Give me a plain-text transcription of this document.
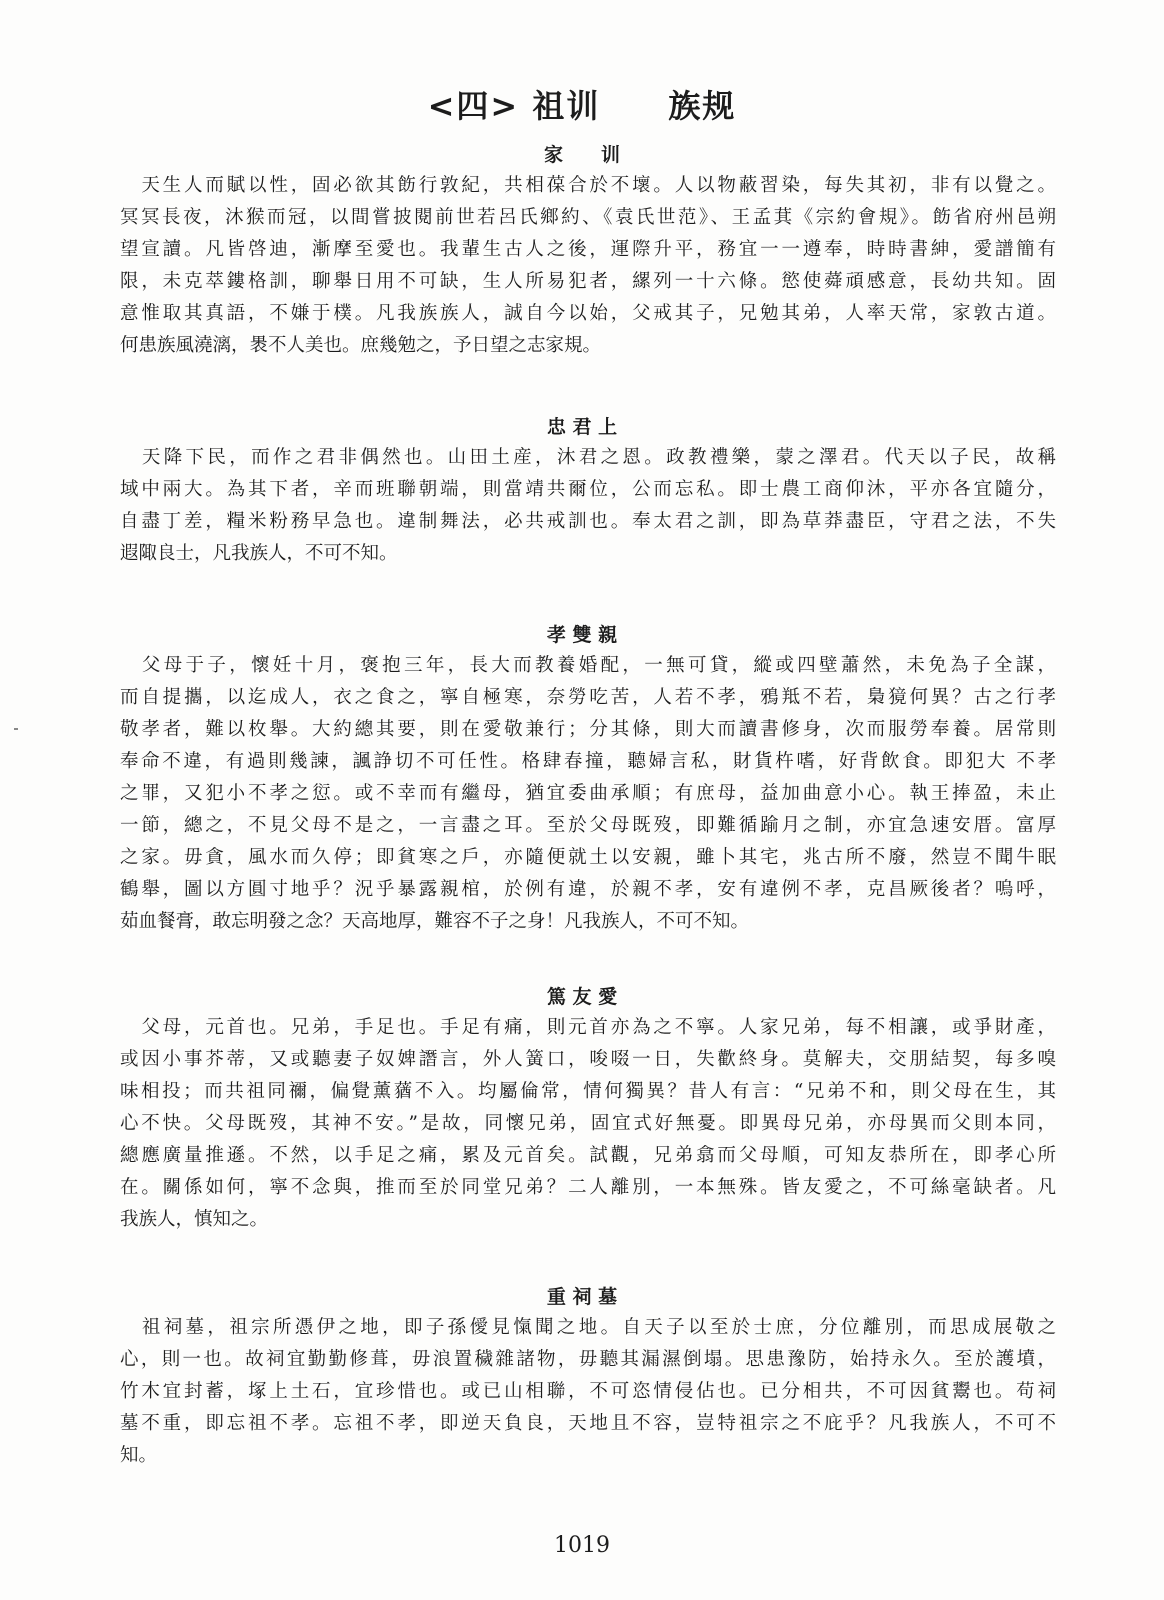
<四> 祖训　　族规
家　　训
　天生人而賦以性，固必欲其飭行敦紀，共相葆合於不壞。人以物蔽習染，每失其初，非有以覺之。
冥冥長夜，沐猴而冠，以間嘗披閱前世若呂氏鄉約、《袁氏世范》、王孟萁《宗約會規》。飭省府州邑朔
望宣讀。凡皆啓迪，漸摩至愛也。我輩生古人之後，運際升平，務宜一一遵奉，時時書紳，愛譜簡有
限，未克萃鏤格訓，聊舉日用不可缺，生人所易犯者，縲列一十六條。慾使蕣頑感意，長幼共知。固
意惟取其真語，不嫌于樸。凡我族族人，誠自今以始，父戒其子，兄勉其弟，人率天常，家敦古道。
何患族風澆漓，褁不人美也。庶幾勉之，予日望之志家規。
忠 君 上
　天降下民，而作之君非偶然也。山田土産，沐君之恩。政教禮樂，蒙之澤君。代天以子民，故稱
域中兩大。為其下者，辛而班聯朝端，則當靖共爾位，公而忘私。即士農工商仰沐，平亦各宜隨分，
自盡丁差，糧米粉務早急也。違制舞法，必共戒訓也。奉太君之訓，即為草莽盡臣，守君之法，不失
遐陬良士，凡我族人，不可不知。
孝 雙 親
　父母于子，懷妊十月，褒抱三年，長大而教養婚配，一無可貸，縱或四壁蕭然，未免為子全謀，
而自提攜，以迄成人，衣之食之，寧自極寒，奈勞吃苦，人若不孝，鴉羝不若，梟獍何異？古之行孝
敬孝者，難以枚舉。大約總其要，則在愛敬兼行；分其條，則大而讀書修身，次而服勞奉養。居常則
奉命不違，有過則幾諫，諷諍切不可任性。格肆春撞，聽婦言私，財貨杵嗜，好背飲食。即犯大 不孝
之罪，又犯小不孝之愆。或不幸而有繼母，猶宜委曲承順；有庶母，益加曲意小心。執王捧盈，未止
一節，總之，不見父母不是之，一言盡之耳。至於父母既歿，即難循踰月之制，亦宜急速安厝。富厚
之家。毋貪，風水而久停；即貧寒之戶，亦隨便就土以安親，雖卜其宅，兆古所不廢，然豈不聞牛眠
鶴舉，圖以方圓寸地乎？況乎暴露親棺，於例有違，於親不孝，安有違例不孝，克昌厥後者？嗚呼，
茹血餐膏，敢忘明發之念？天高地厚，難容不子之身！凡我族人，不可不知。
篤 友 愛
　父母，元首也。兄弟，手足也。手足有痛，則元首亦為之不寧。人家兄弟，每不相讓，或爭財產，
或因小事芥蒂，又或聽妻子奴婢譖言，外人簧口，唆啜一日，失歡終身。莫解夫，交朋結契，每多嗅
味相投；而共祖同禰，偏覺薰蕕不入。均屬倫常，情何獨異？昔人有言：“兄弟不和，則父母在生，其
心不快。父母既歿，其神不安。”是故，同懷兄弟，固宜式好無憂。即異母兄弟，亦母異而父則本同，
總應廣量推遜。不然，以手足之痛，累及元首矣。試觀，兄弟翕而父母順，可知友恭所在，即孝心所
在。關係如何，寧不念與，推而至於同堂兄弟？二人離別，一本無殊。皆友愛之，不可絲毫缺者。凡
我族人，慎知之。
重 祠 墓
　祖祠墓，祖宗所憑伊之地，即子孫僾見愾聞之地。自天子以至於士庶，分位離別，而思成展敬之
心，則一也。故祠宜勤勤修葺，毋浪置穢雜諸物，毋聽其漏濕倒塌。思患豫防，始持永久。至於護墳，
竹木宜封蓄，塚上土石，宜珍惜也。或已山相聯，不可恣情侵佔也。已分相共，不可因貧鬻也。苟祠
墓不重，即忘祖不孝。忘祖不孝，即逆天負良，天地且不容，豈特祖宗之不庇乎？凡我族人，不可不
知。
1019
